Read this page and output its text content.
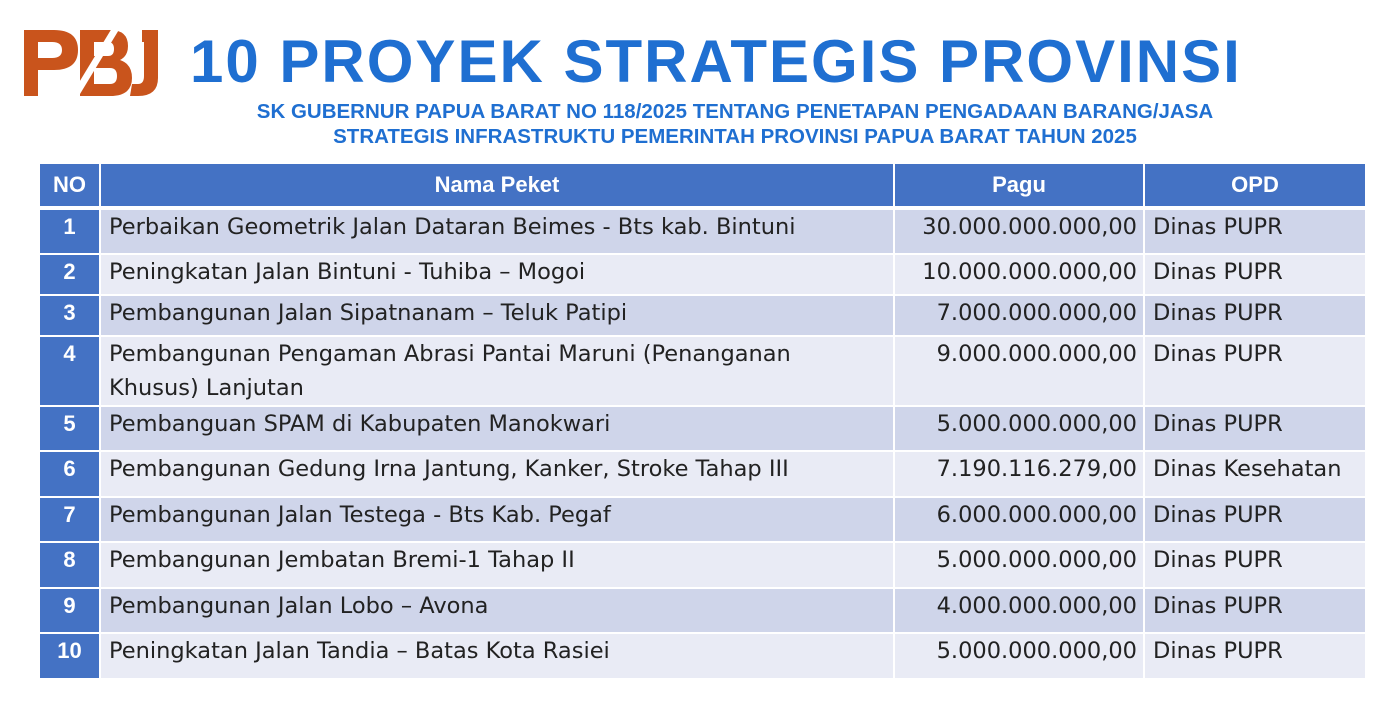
10 PROYEK STRATEGIS PROVINSI
SK GUBERNUR PAPUA BARAT NO 118/2025 TENTANG PENETAPAN PENGADAAN BARANG/JASA
STRATEGIS INFRASTRUKTU PEMERINTAH PROVINSI PAPUA BARAT TAHUN 2025
NO	Nama Peket	Pagu	OPD
1	Perbaikan Geometrik Jalan Dataran Beimes - Bts kab. Bintuni	30.000.000.000,00	Dinas PUPR
2	Peningkatan Jalan Bintuni - Tuhiba – Mogoi	10.000.000.000,00	Dinas PUPR
3	Pembangunan Jalan Sipatnanam – Teluk Patipi	7.000.000.000,00	Dinas PUPR
4	Pembangunan Pengaman Abrasi Pantai Maruni (Penanganan Khusus) Lanjutan	9.000.000.000,00	Dinas PUPR
5	Pembanguan SPAM di Kabupaten Manokwari	5.000.000.000,00	Dinas PUPR
6	Pembangunan Gedung Irna Jantung, Kanker, Stroke Tahap III	7.190.116.279,00	Dinas Kesehatan
7	Pembangunan Jalan Testega - Bts Kab. Pegaf	6.000.000.000,00	Dinas PUPR
8	Pembangunan Jembatan Bremi-1 Tahap II	5.000.000.000,00	Dinas PUPR
9	Pembangunan Jalan Lobo – Avona	4.000.000.000,00	Dinas PUPR
10	Peningkatan Jalan Tandia – Batas Kota Rasiei	5.000.000.000,00	Dinas PUPR
